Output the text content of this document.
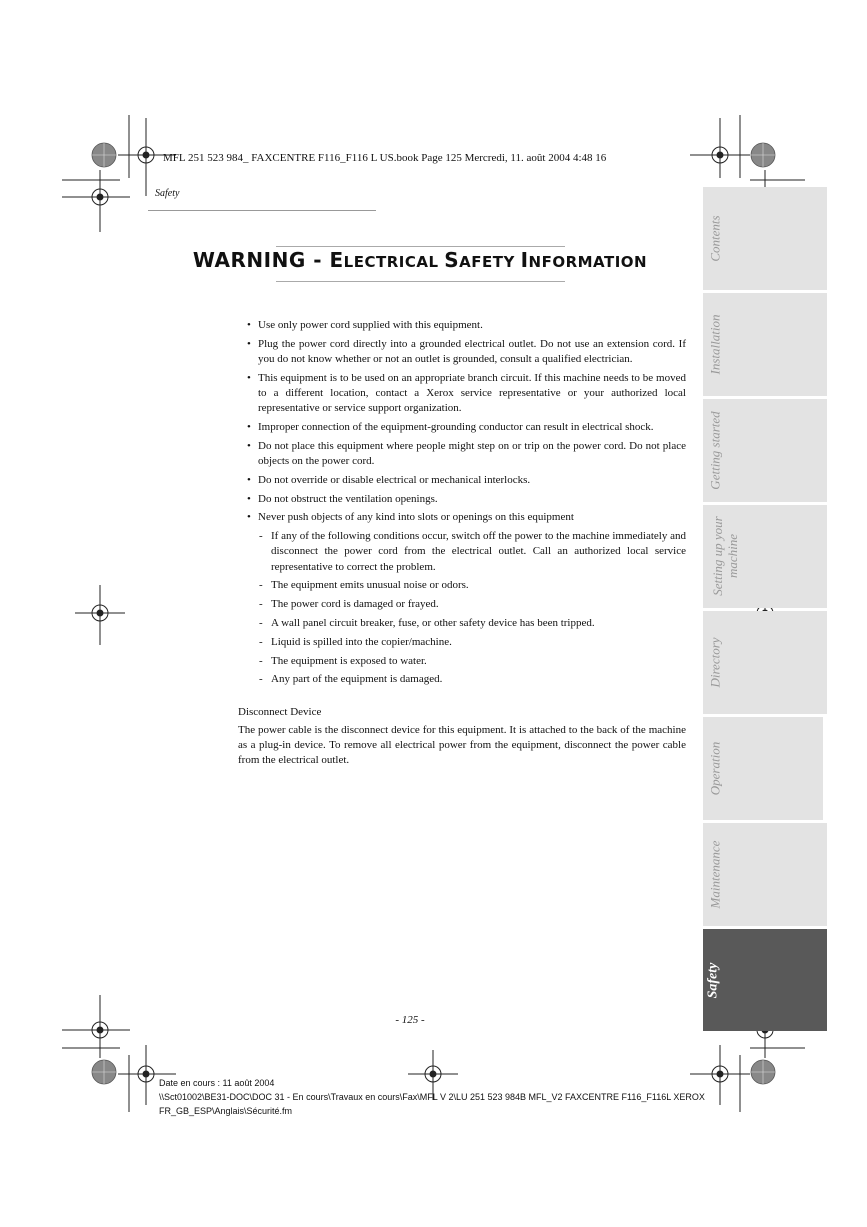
MFL 251 523 984_ FAXCENTRE F116_F116 L US.book Page 125 Mercredi, 11. août 2004 4:48 16
Safety
WARNING - ELECTRICAL SAFETY INFORMATION
• Use only power cord supplied with this equipment.
• Plug the power cord directly into a grounded electrical outlet. Do not use an extension cord. If you do not know whether or not an outlet is grounded, consult a qualified electrician.
• This equipment is to be used on an appropriate branch circuit. If this machine needs to be moved to a different location, contact a Xerox service representative or your authorized local representative or service support organization.
• Improper connection of the equipment-grounding conductor can result in electrical shock.
• Do not place this equipment where people might step on or trip on the power cord. Do not place objects on the power cord.
• Do not override or disable electrical or mechanical interlocks.
• Do not obstruct the ventilation openings.
• Never push objects of any kind into slots or openings on this equipment
- If any of the following conditions occur, switch off the power to the machine immediately and disconnect the power cord from the electrical outlet. Call an authorized local service representative to correct the problem.
- The equipment emits unusual noise or odors.
- The power cord is damaged or frayed.
- A wall panel circuit breaker, fuse, or other safety device has been tripped.
- Liquid is spilled into the copier/machine.
- The equipment is exposed to water.
- Any part of the equipment is damaged.
Disconnect Device
The power cable is the disconnect device for this equipment. It is attached to the back of the machine as a plug-in device. To remove all electrical power from the equipment, disconnect the power cable from the electrical outlet.
- 125 -
Date en cours : 11 août 2004
\\Sct01002\BE31-DOC\DOC 31 - En cours\Travaux en cours\Fax\MFL V 2\LU 251 523 984B MFL_V2 FAXCENTRE F116_F116L XEROX
FR_GB_ESP\Anglais\Sécurité.fm
Contents
Installation
Getting started
Setting up your machine
Directory
Operation
Maintenance
Safety
